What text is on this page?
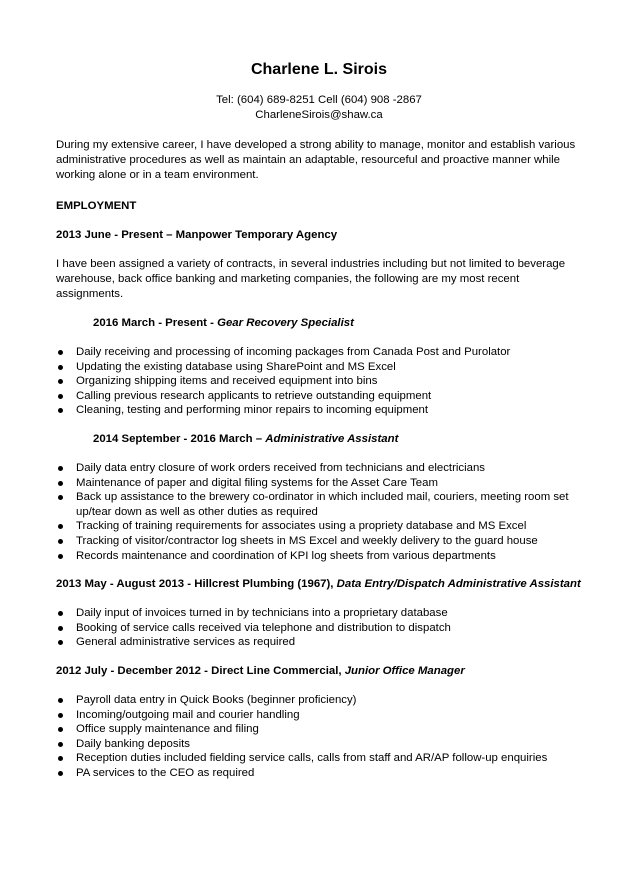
Charlene L. Sirois
Tel: (604) 689-8251 Cell (604) 908 -2867
CharleneSirois@shaw.ca

During my extensive career, I have developed a strong ability to manage, monitor and establish various administrative procedures as well as maintain an adaptable, resourceful and proactive manner while working alone or in a team environment.

EMPLOYMENT

2013 June - Present – Manpower Temporary Agency

I have been assigned a variety of contracts, in several industries including but not limited to beverage warehouse, back office banking and marketing companies, the following are my most recent assignments.

2016 March - Present - Gear Recovery Specialist
Daily receiving and processing of incoming packages from Canada Post and Purolator
Updating the existing database using SharePoint and MS Excel
Organizing shipping items and received equipment into bins
Calling previous research applicants to retrieve outstanding equipment
Cleaning, testing and performing minor repairs to incoming equipment
2014 September - 2016 March – Administrative Assistant
Daily data entry closure of work orders received from technicians and electricians
Maintenance of paper and digital filing systems for the Asset Care Team
Back up assistance to the brewery co-ordinator in which included mail, couriers, meeting room set up/tear down as well as other duties as required
Tracking of training requirements for associates using a propriety database and MS Excel
Tracking of visitor/contractor log sheets in MS Excel and weekly delivery to the guard house
Records maintenance and coordination of KPI log sheets from various departments
2013 May - August 2013 - Hillcrest Plumbing (1967), Data Entry/Dispatch Administrative Assistant
Daily input of invoices turned in by technicians into a proprietary database
Booking of service calls received via telephone and distribution to dispatch
General administrative services as required
2012 July - December 2012 - Direct Line Commercial, Junior Office Manager
Payroll data entry in Quick Books (beginner proficiency)
Incoming/outgoing mail and courier handling
Office supply maintenance and filing
Daily banking deposits
Reception duties included fielding service calls, calls from staff and AR/AP follow-up enquiries
PA services to the CEO as required
